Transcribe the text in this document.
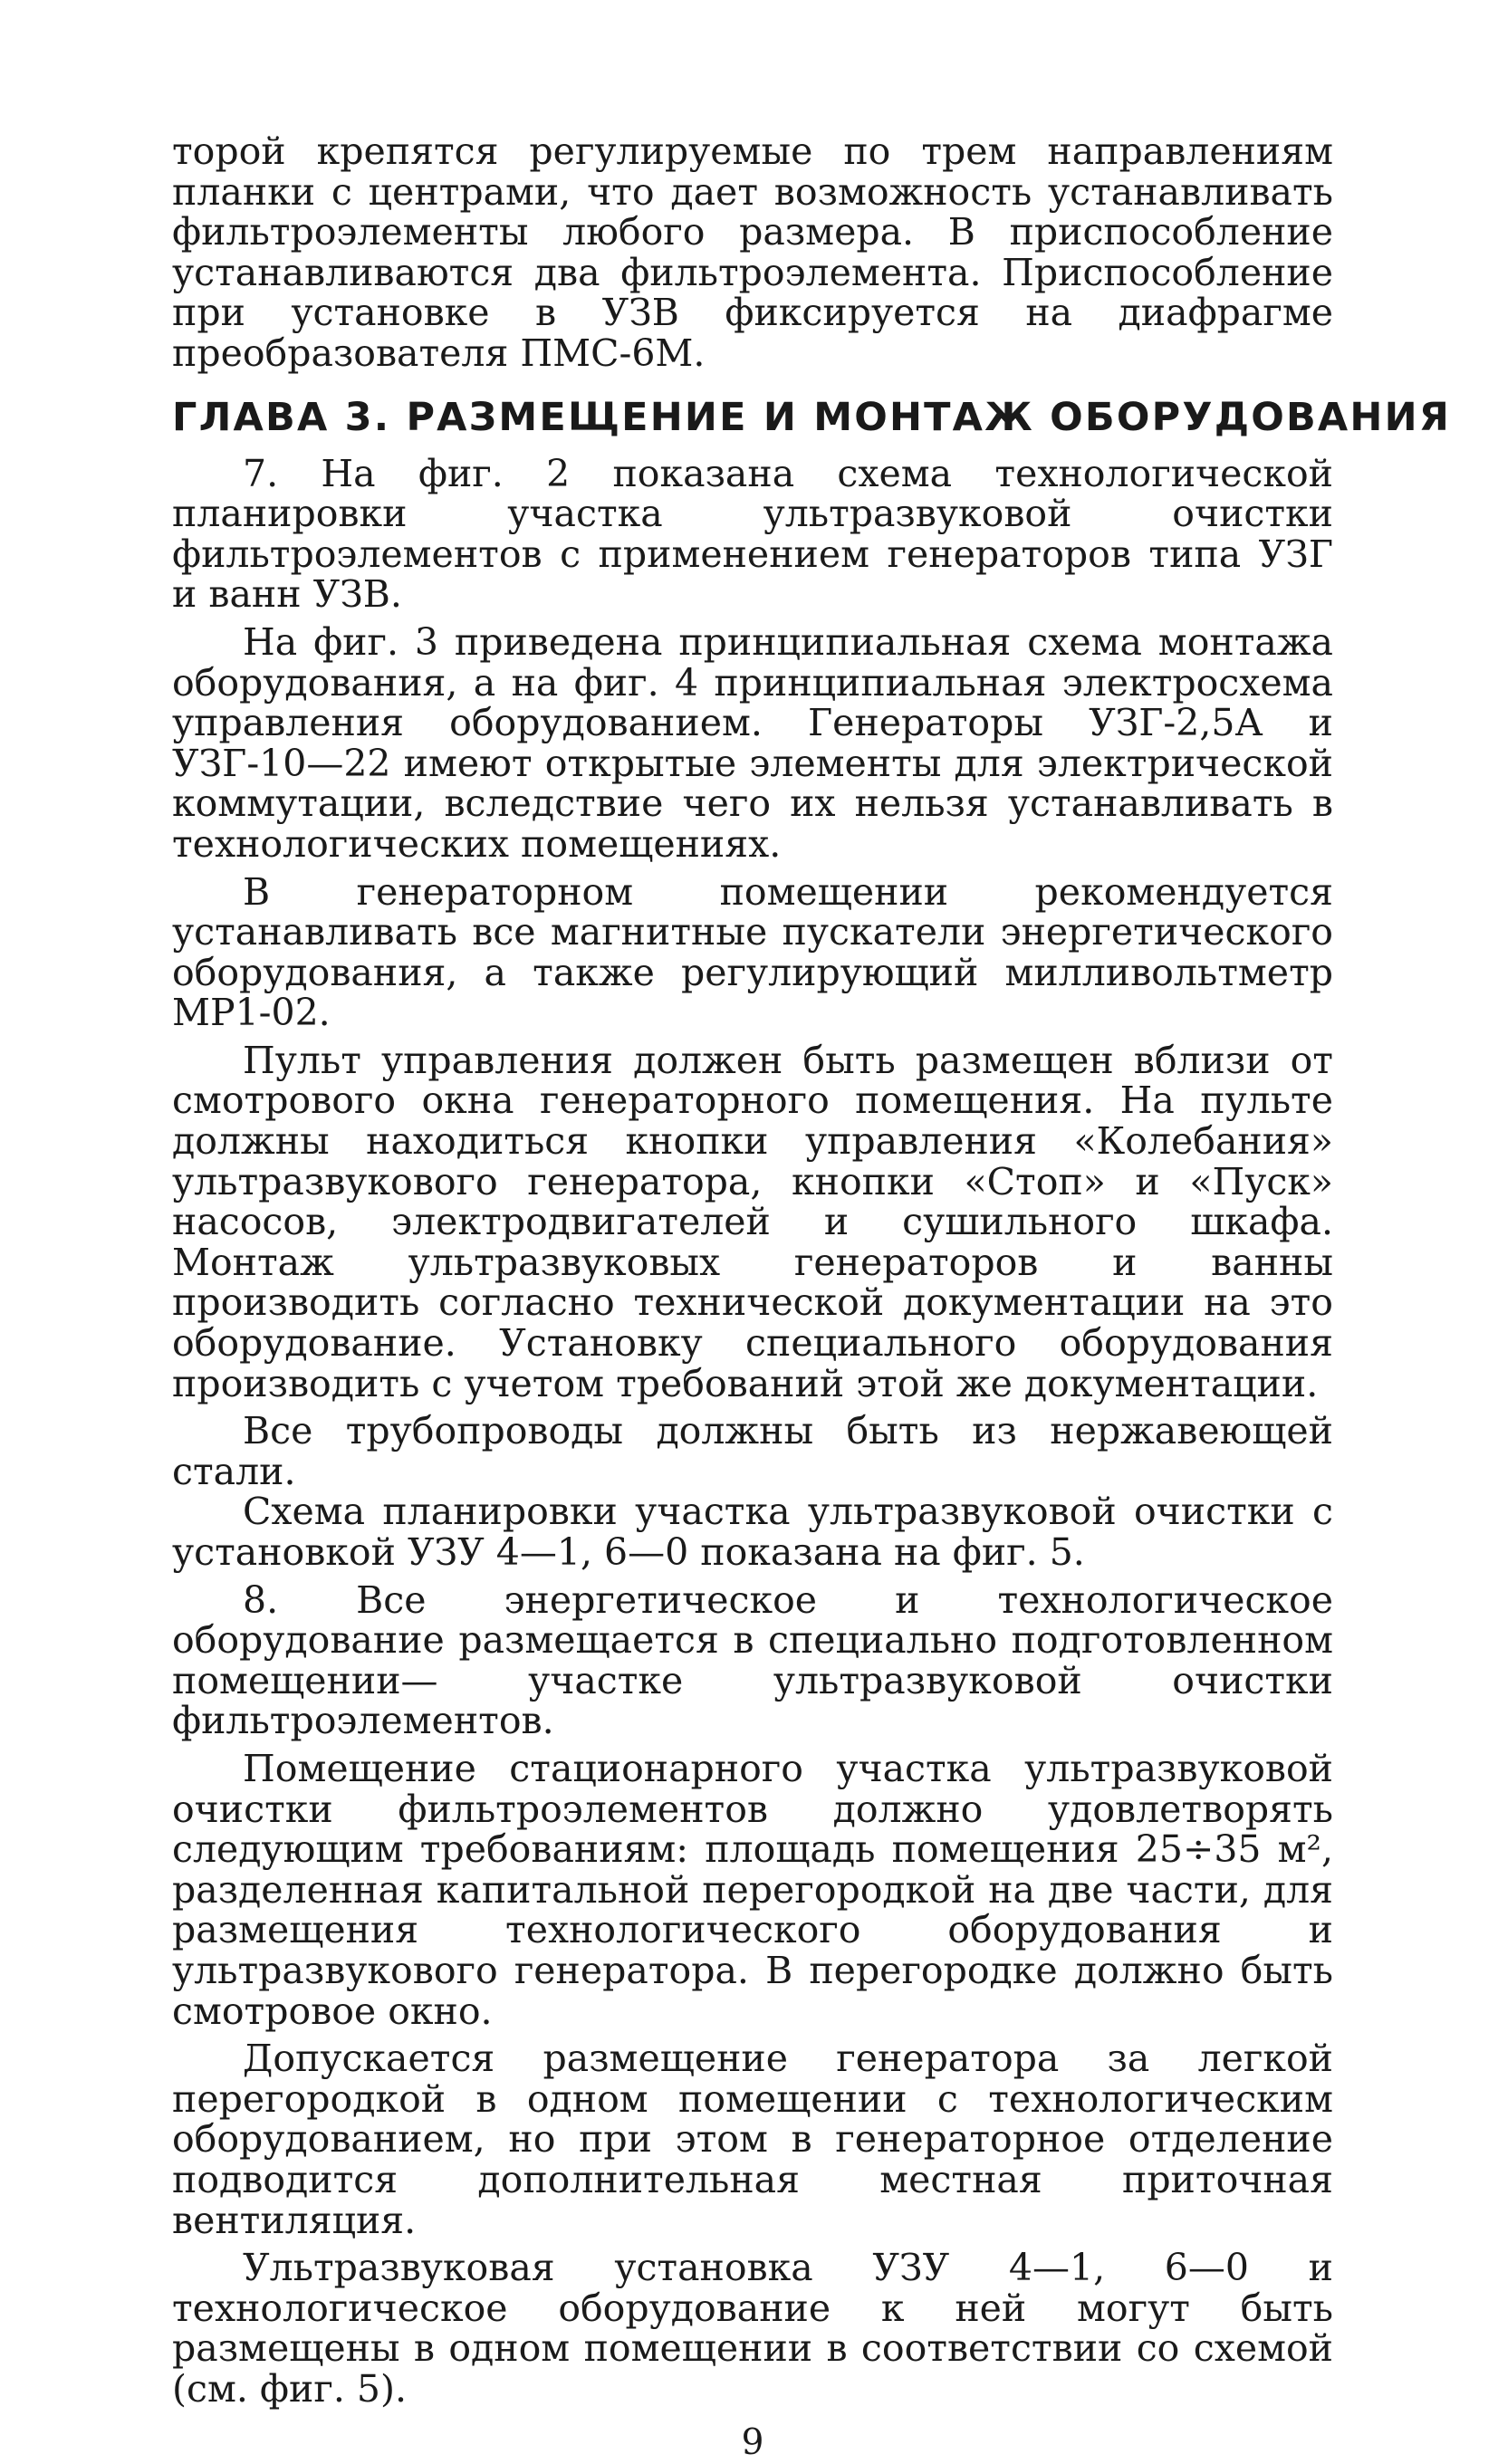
торой крепятся регулируемые по трем направлениям планки с центрами, что дает возможность устанавливать фильтроэлементы любого размера. В приспособление устанавливаются два фильтроэлемента. Приспособление при установке в УЗВ фиксируется на диафрагме преобразователя ПМС-6М.

ГЛАВА 3. РАЗМЕЩЕНИЕ И МОНТАЖ ОБОРУДОВАНИЯ

7. На фиг. 2 показана схема технологической планировки участка ультразвуковой очистки фильтроэлементов с применением генераторов типа УЗГ и ванн УЗВ.

На фиг. 3 приведена принципиальная схема монтажа оборудования, а на фиг. 4 принципиальная электросхема управления оборудованием. Генераторы УЗГ-2,5А и УЗГ-10—22 имеют открытые элементы для электрической коммутации, вследствие чего их нельзя устанавливать в технологических помещениях.

В генераторном помещении рекомендуется устанавливать все магнитные пускатели энергетического оборудования, а также регулирующий милливольтметр МР1-02.

Пульт управления должен быть размещен вблизи от смотрового окна генераторного помещения. На пульте должны находиться кнопки управления «Колебания» ультразвукового генератора, кнопки «Стоп» и «Пуск» насосов, электродвигателей и сушильного шкафа. Монтаж ультразвуковых генераторов и ванны производить согласно технической документации на это оборудование. Установку специального оборудования производить с учетом требований этой же документации.

Все трубопроводы должны быть из нержавеющей стали.

Схема планировки участка ультразвуковой очистки с установкой УЗУ 4—1, 6—0 показана на фиг. 5.

8. Все энергетическое и технологическое оборудование размещается в специально подготовленном помещении— участке ультразвуковой очистки фильтроэлементов.

Помещение стационарного участка ультразвуковой очистки фильтроэлементов должно удовлетворять следующим требованиям: площадь помещения 25÷35 м², разделенная капитальной перегородкой на две части, для размещения технологического оборудования и ультразвукового генератора. В перегородке должно быть смотровое окно.

Допускается размещение генератора за легкой перегородкой в одном помещении с технологическим оборудованием, но при этом в генераторное отделение подводится дополнительная местная приточная вентиляция.

Ультразвуковая установка УЗУ 4—1, 6—0 и технологическое оборудование к ней могут быть размещены в одном помещении в соответствии со схемой (см. фиг. 5).

9
